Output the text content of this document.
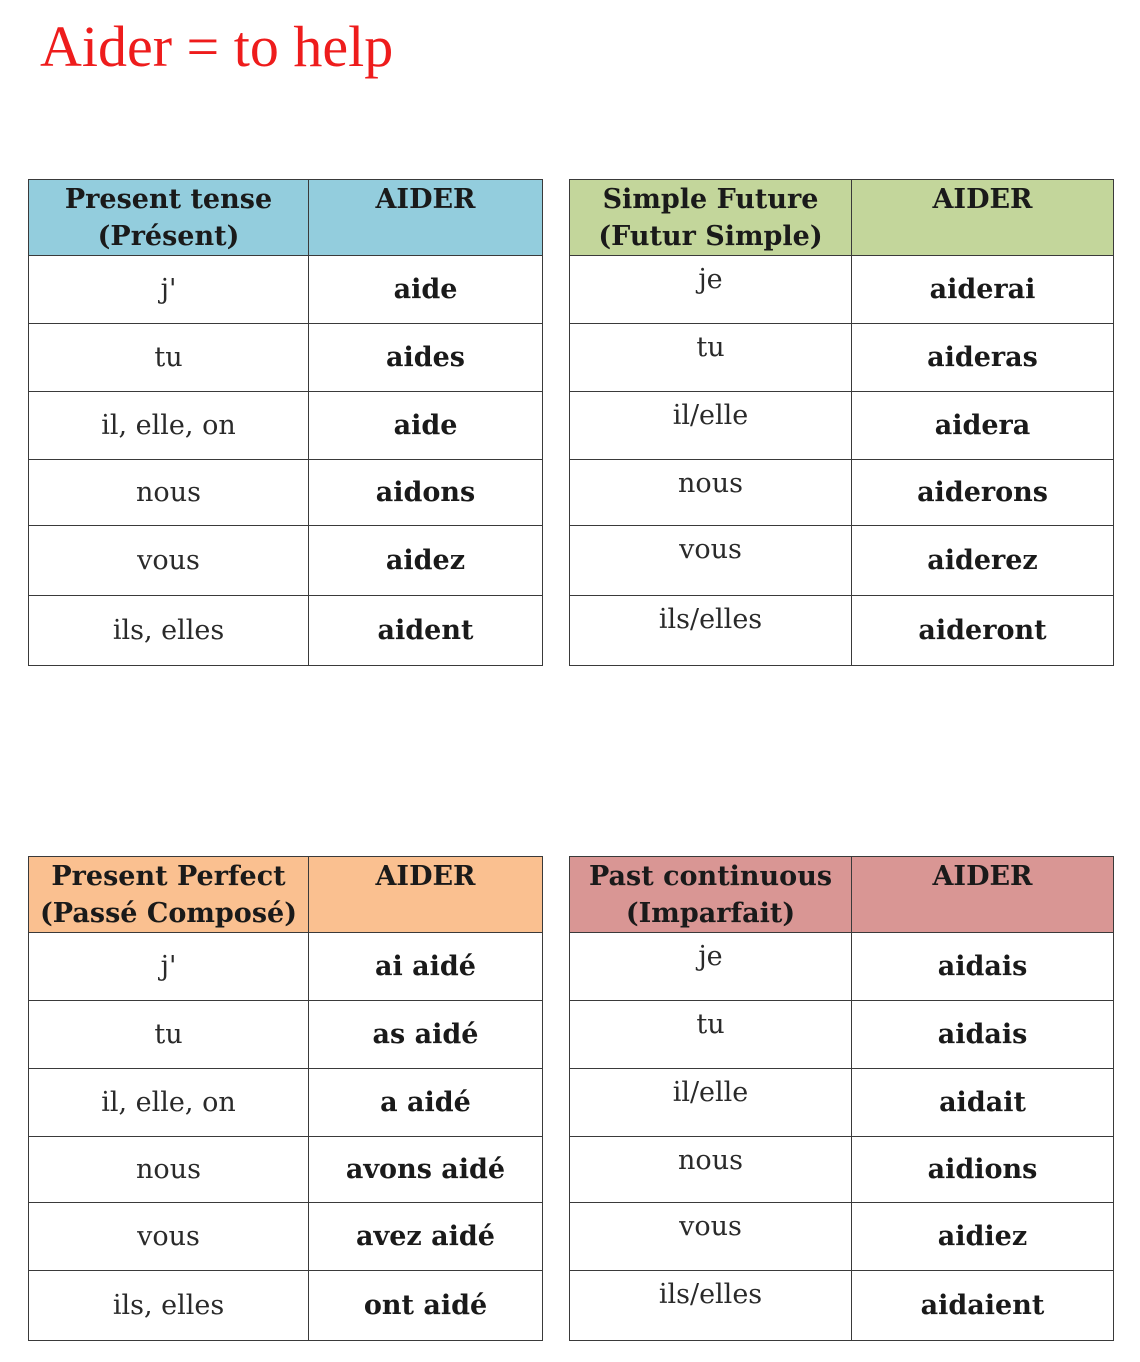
Aider = to help
Present tense
(Présent)	AIDER

j'	aide
tu	aides
il, elle, on	aide
nous	aidons
vous	aidez
ils, elles	aident
Simple Future
(Futur Simple)	AIDER

je	aiderai
tu	aideras
il/elle	aidera
nous	aiderons
vous	aiderez
ils/elles	aideront
Present Perfect
(Passé Composé)	AIDER

j'	ai aidé
tu	as aidé
il, elle, on	a aidé
nous	avons aidé
vous	avez aidé
ils, elles	ont aidé
Past continuous
(Imparfait)	AIDER

je	aidais
tu	aidais
il/elle	aidait
nous	aidions
vous	aidiez
ils/elles	aidaient
